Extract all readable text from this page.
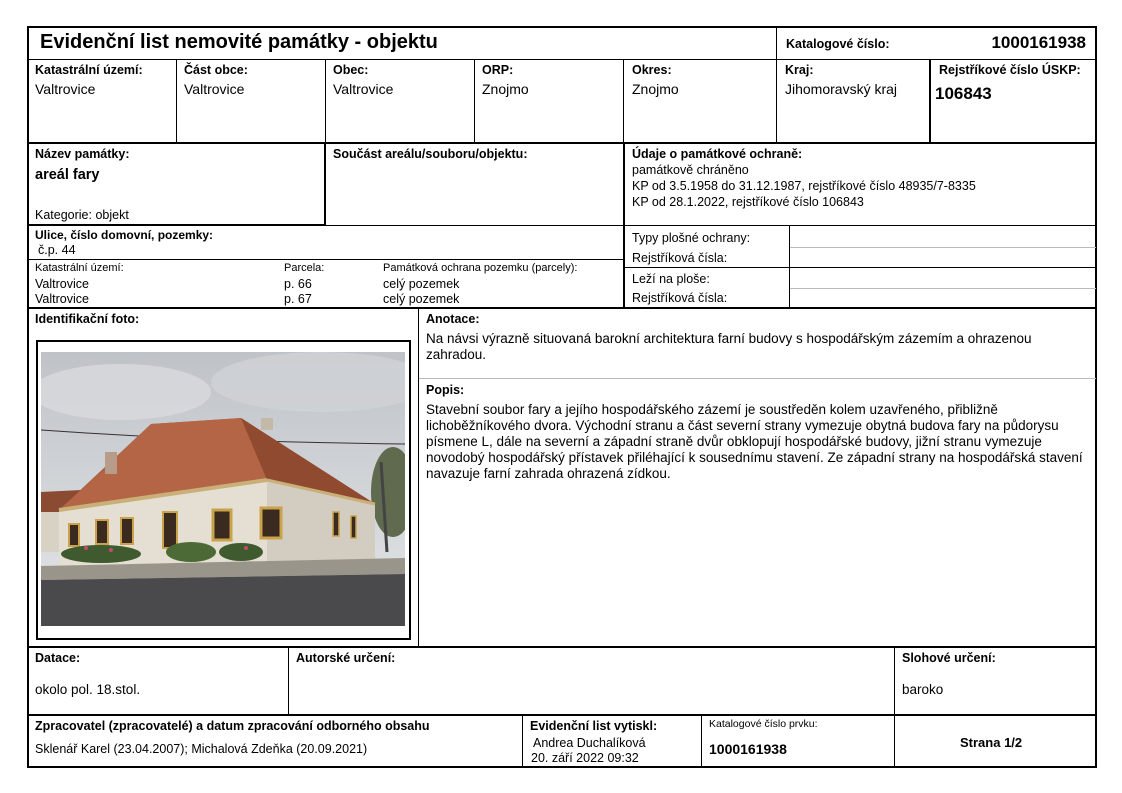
Evidenční list nemovité památky - objektu	Katalogové číslo:	1000161938
Katastrální území:
Valtrovice
Část obce:
Valtrovice
Obec:
Valtrovice
ORP:
Znojmo
Okres:
Znojmo
Kraj:
Jihomoravský kraj
Rejstříkové číslo ÚSKP:
106843
Název památky:
areál fary
Kategorie: objekt
Součást areálu/souboru/objektu:	Údaje o památkové ochraně:
památkově chráněno
KP od 3.5.1958 do 31.12.1987, rejstříkové číslo 48935/7-8335
KP od 28.1.2022, rejstříkové číslo 106843
Ulice, číslo domovní, pozemky:
č.p. 44
Katastrální území:	Parcela:	Památková ochrana pozemku (parcely):
Valtrovice	p. 66	celý pozemek
Valtrovice	p. 67	celý pozemek
Typy plošné ochrany:
Rejstříková čísla:
Leží na ploše:
Rejstříková čísla:
Identifikační foto:	Anotace:
Na návsi výrazně situovaná barokní architektura farní budovy s hospodářským zázemím a ohrazenou zahradou.
Popis:
Stavební soubor fary a jejího hospodářského zázemí je soustředěn kolem uzavřeného, přibližně lichoběžníkového dvora. Východní stranu a část severní strany vymezuje obytná budova fary na půdorysu písmene L, dále na severní a západní straně dvůr obklopují hospodářské budovy, jižní stranu vymezuje novodobý hospodářský přístavek přiléhající k sousednímu stavení. Ze západní strany na hospodářská stavení navazuje farní zahrada ohrazená zídkou.
Datace:
okolo pol. 18.stol.
Autorské určení:	Slohové určení:
baroko
Zpracovatel (zpracovatelé) a datum zpracování odborného obsahu
Sklenář Karel (23.04.2007); Michalová Zdeňka (20.09.2021)
Evidenční list vytiskl:
Andrea Duchalíková
20. září 2022 09:32
Katalogové číslo prvku:
1000161938	Strana 1/2
